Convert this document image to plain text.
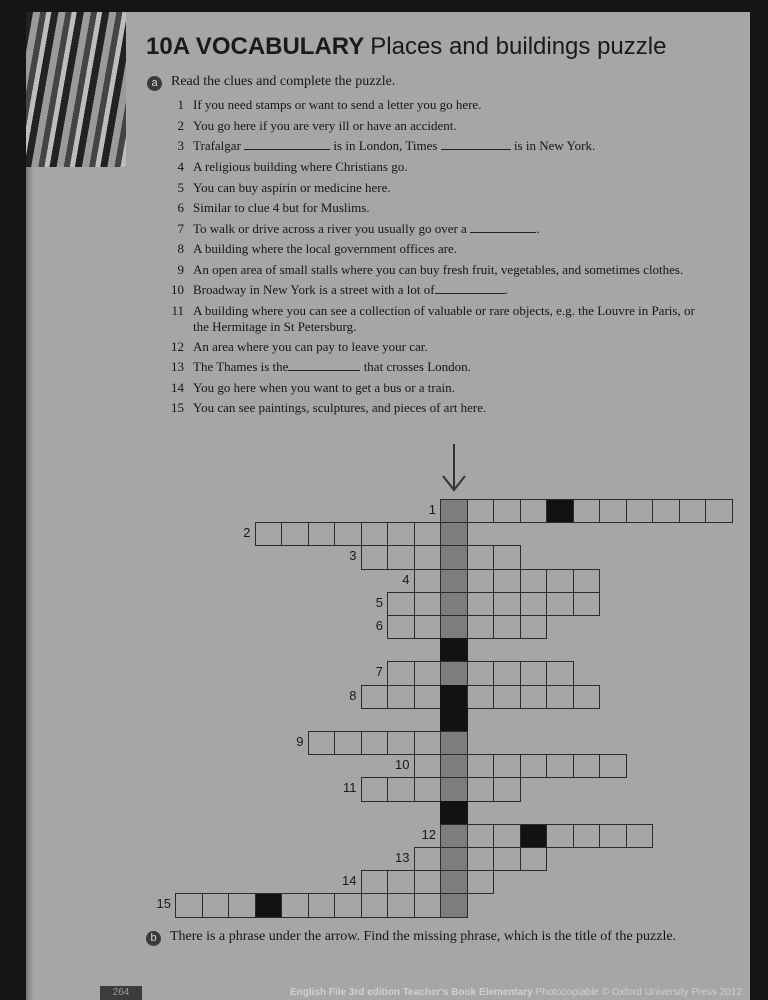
10A VOCABULARY Places and buildings puzzle
a Read the clues and complete the puzzle.
1 If you need stamps or want to send a letter you go here.
2 You go here if you are very ill or have an accident.
3 Trafalgar	is in London, Times	is in New York.
4 A religious building where Christians go.
5 You can buy aspirin or medicine here.
6 Similar to clue 4 but for Muslims.
7 To walk or drive across a river you usually go over a	.
8 A building where the local government offices are.
9 An open area of small stalls where you can buy fresh fruit, vegetables, and sometimes clothes.
10 Broadway in New York is a street with a lot of	.
11 A building where you can see a collection of valuable or rare objects, e.g. the Louvre in Paris, or
the Hermitage in St Petersburg.
12 An area where you can pay to leave your car.
13 The Thames is the	that crosses London.
14 You go here when you want to get a bus or a train.
15 You can see paintings, sculptures, and pieces of art here.
1
2
3
4
5
6
7
8
9
10
11
12
13
14
15
b There is a phrase under the arrow. Find the missing phrase, which is the title of the puzzle.
264	English File 3rd edition Teacher's Book Elementary Photocopiable © Oxford University Press 2012
